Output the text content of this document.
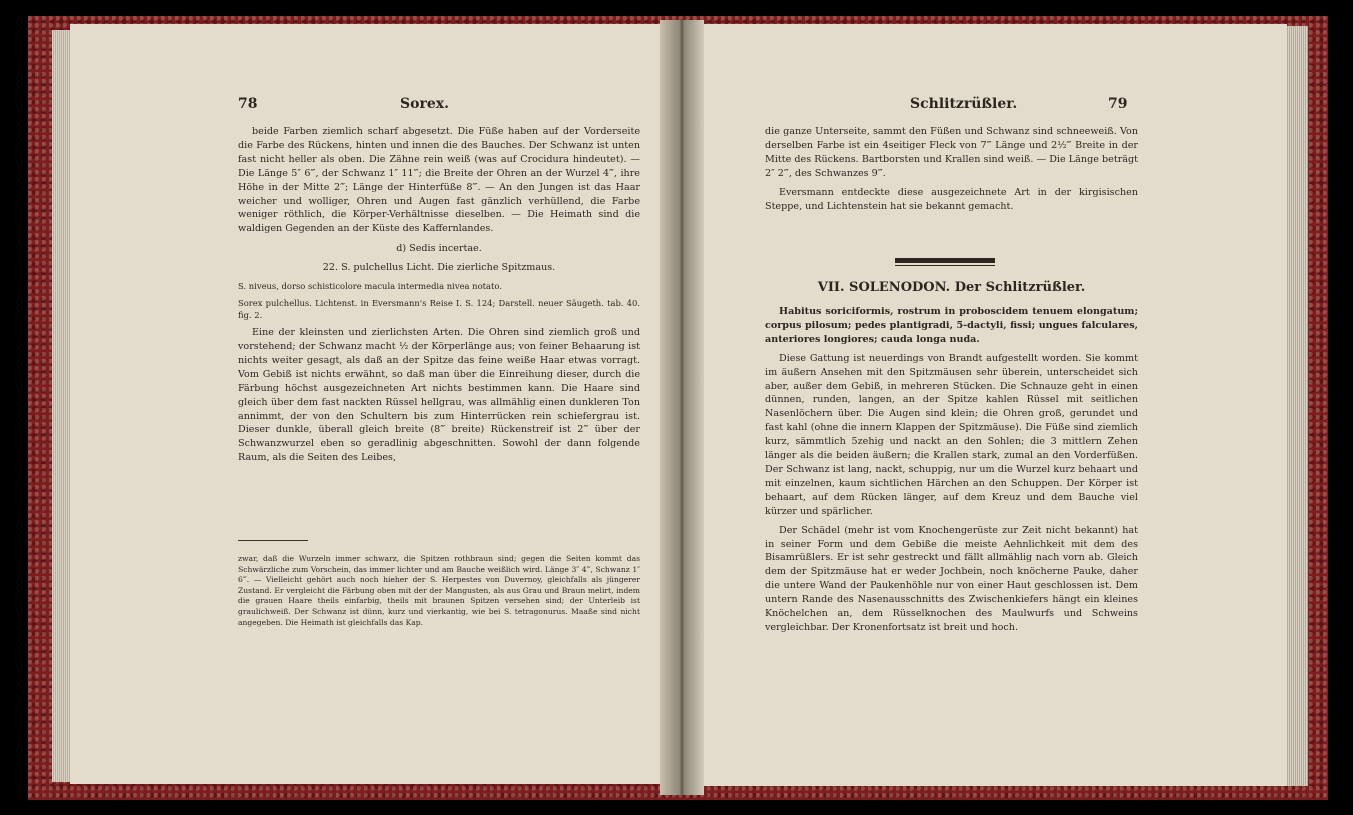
78	Sorex.

beide Farben ziemlich scharf abgesetzt. Die Füße haben auf der Vorderseite die Farbe des Rückens, hinten und innen die des Bauches. Der Schwanz ist unten fast nicht heller als oben. Die Zähne rein weiß (was auf Crocidura hindeutet). — Die Länge 5″ 6‴, der Schwanz 1″ 11‴; die Breite der Ohren an der Wurzel 4‴, ihre Höhe in der Mitte 2‴; Länge der Hinterfüße 8‴. — An den Jungen ist das Haar weicher und wolliger, Ohren und Augen fast gänzlich verhüllend, die Farbe weniger röthlich, die Körper-Verhältnisse dieselben. — Die Heimath sind die waldigen Gegenden an der Küste des Kaffernlandes.

d) Sedis incertae.

22. S. pulchellus Licht. Die zierliche Spitzmaus.

S. niveus, dorso schisticolore macula intermedia nivea notato.

Sorex pulchellus. Lichtenst. in Eversmann's Reise I. S. 124; Darstell. neuer Säugeth. tab. 40. fig. 2.

Eine der kleinsten und zierlichsten Arten. Die Ohren sind ziemlich groß und vorstehend; der Schwanz macht ½ der Körperlänge aus; von feiner Behaarung ist nichts weiter gesagt, als daß an der Spitze das feine weiße Haar etwas vorragt. Vom Gebiß ist nichts erwähnt, so daß man über die Einreihung dieser, durch die Färbung höchst ausgezeichneten Art nichts bestimmen kann. Die Haare sind gleich über dem fast nackten Rüssel hellgrau, was allmählig einen dunkleren Ton annimmt, der von den Schultern bis zum Hinterrücken rein schiefergrau ist. Dieser dunkle, überall gleich breite (8‴ breite) Rückenstreif ist 2‴ über der Schwanzwurzel eben so geradlinig abgeschnitten. Sowohl der dann folgende Raum, als die Seiten des Leibes,

zwar, daß die Wurzeln immer schwarz, die Spitzen rothbraun sind; gegen die Seiten kommt das Schwärzliche zum Vorschein, das immer lichter und am Bauche weißlich wird. Länge 3″ 4‴, Schwanz 1″ 6‴. — Vielleicht gehört auch noch hieher der S. Herpestes von Duvernoy, gleichfalls als jüngerer Zustand. Er vergleicht die Färbung oben mit der der Mangusten, als aus Grau und Braun melirt, indem die grauen Haare theils einfarbig, theils mit braunen Spitzen versehen sind; der Unterleib ist graulichweiß. Der Schwanz ist dünn, kurz und vierkantig, wie bei S. tetragonurus. Maaße sind nicht angegeben. Die Heimath ist gleichfalls das Kap.
Schlitzrüßler.	79

die ganze Unterseite, sammt den Füßen und Schwanz sind schneeweiß. Von derselben Farbe ist ein 4seitiger Fleck von 7‴ Länge und 2½‴ Breite in der Mitte des Rückens. Bartborsten und Krallen sind weiß. — Die Länge beträgt 2″ 2‴, des Schwanzes 9‴.

Eversmann entdeckte diese ausgezeichnete Art in der kirgisischen Steppe, und Lichtenstein hat sie bekannt gemacht.

VII. SOLENODON. Der Schlitzrüßler.

Habitus soriciformis, rostrum in proboscidem tenuem elongatum; corpus pilosum; pedes plantigradi, 5-dactyli, fissi; ungues falculares, anteriores longiores; cauda longa nuda.

Diese Gattung ist neuerdings von Brandt aufgestellt worden. Sie kommt im äußern Ansehen mit den Spitzmäusen sehr überein, unterscheidet sich aber, außer dem Gebiß, in mehreren Stücken. Die Schnauze geht in einen dünnen, runden, langen, an der Spitze kahlen Rüssel mit seitlichen Nasenlöchern über. Die Augen sind klein; die Ohren groß, gerundet und fast kahl (ohne die innern Klappen der Spitzmäuse). Die Füße sind ziemlich kurz, sämmtlich 5zehig und nackt an den Sohlen; die 3 mittlern Zehen länger als die beiden äußern; die Krallen stark, zumal an den Vorderfüßen. Der Schwanz ist lang, nackt, schuppig, nur um die Wurzel kurz behaart und mit einzelnen, kaum sichtlichen Härchen an den Schuppen. Der Körper ist behaart, auf dem Rücken länger, auf dem Kreuz und dem Bauche viel kürzer und spärlicher.

Der Schädel (mehr ist vom Knochengerüste zur Zeit nicht bekannt) hat in seiner Form und dem Gebiße die meiste Aehnlichkeit mit dem des Bisamrüßlers. Er ist sehr gestreckt und fällt allmählig nach vorn ab. Gleich dem der Spitzmäuse hat er weder Jochbein, noch knöcherne Pauke, daher die untere Wand der Paukenhöhle nur von einer Haut geschlossen ist. Dem untern Rande des Nasenausschnitts des Zwischenkiefers hängt ein kleines Knöchelchen an, dem Rüsselknochen des Maulwurfs und Schweins vergleichbar. Der Kronenfortsatz ist breit und hoch.
